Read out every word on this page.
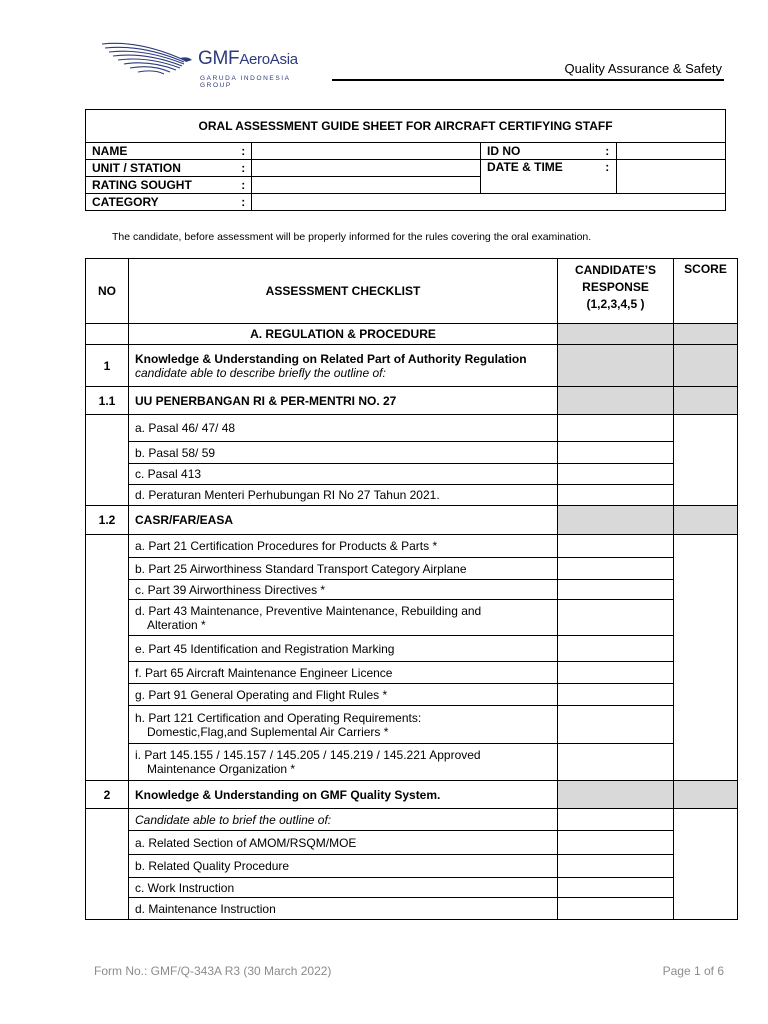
GMFAeroAsia
GARUDA INDONESIA GROUP
Quality Assurance & Safety
ORAL ASSESSMENT GUIDE SHEET FOR AIRCRAFT CERTIFYING STAFF					
NAME	:		ID NO	:	
UNIT / STATION	:		DATE & TIME	:	
RATING SOUGHT	:				
CATEGORY	:				
The candidate, before assessment will be properly informed for the rules covering the oral examination.
NO	ASSESSMENT CHECKLIST	CANDIDATE’S
RESPONSE
(1,2,3,4,5 )	SCORE
	A. REGULATION & PROCEDURE		
1	Knowledge & Understanding on Related Part of Authority Regulation
candidate able to describe briefly the outline of:		

1.1	UU PENERBANGAN RI & PER-MENTRI NO. 27		
	a. Pasal 46/ 47/ 48		
	b. Pasal 58/ 59		
	c. Pasal 413		
	d. Peraturan Menteri Perhubungan RI No 27 Tahun 2021.		
1.2	CASR/FAR/EASA		
	a. Part 21 Certification Procedures for Products & Parts *		
	b. Part 25 Airworthiness Standard Transport Category Airplane		
	c. Part 39 Airworthiness Directives *		

	d. Part 43 Maintenance, Preventive Maintenance, Rebuilding and
Alteration *		

	e. Part 45 Identification and Registration Marking		
	f. Part 65 Aircraft Maintenance Engineer Licence		
	g. Part 91 General Operating and Flight Rules *		

	h. Part 121 Certification and Operating Requirements:
Domestic,Flag,and Suplemental Air Carriers *		

	i. Part 145.155 / 145.157 / 145.205 / 145.219 / 145.221 Approved
Maintenance Organization *		

2	Knowledge & Understanding on GMF Quality System.		
	Candidate able to brief the outline of:		
	a. Related Section of AMOM/RSQM/MOE		
	b. Related Quality Procedure		
	c. Work Instruction		
	d. Maintenance Instruction		
Form No.: GMF/Q-343A R3 (30 March 2022)	Page 1 of 6
